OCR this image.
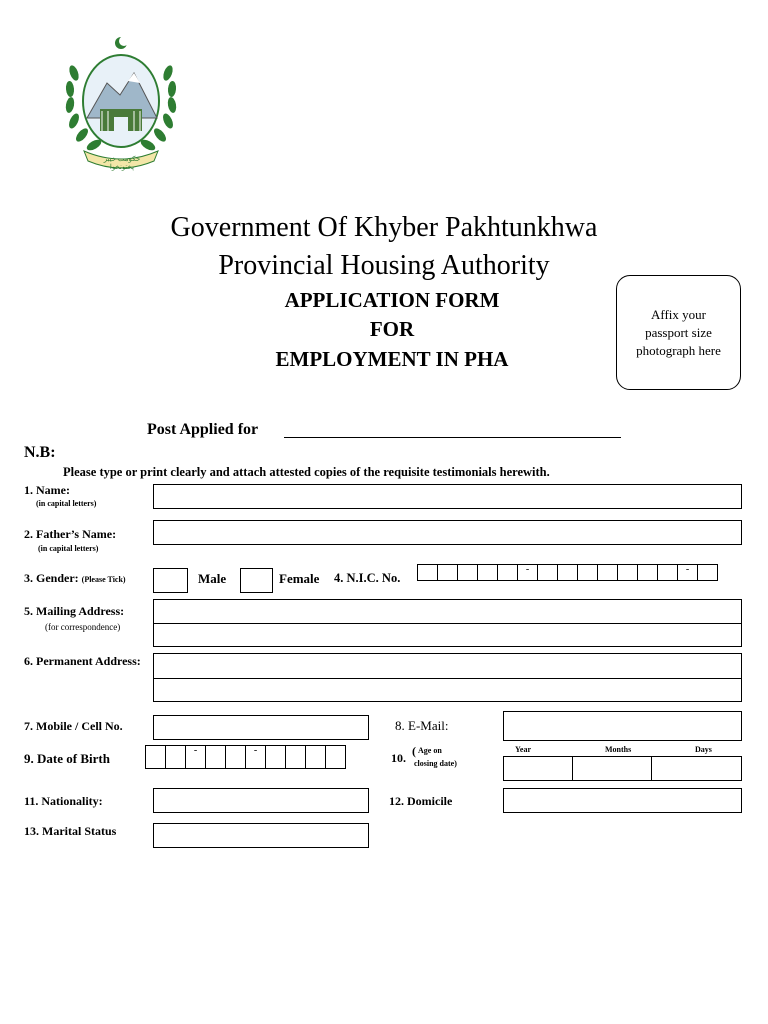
حکومت خیبر پختونخوا
Government Of Khyber Pakhtunkhwa
Provincial Housing Authority
APPLICATION FORM
FOR
EMPLOYMENT IN PHA
Affix your passport size photograph here
Post Applied for
N.B:
Please type or print clearly and attach attested copies of the requisite testimonials herewith.
1. Name:
(in capital letters)
2. Father’s Name:
(in capital letters)
3. Gender: (Please Tick)	Male	Female 4. N.I.C. No.
-	-
5. Mailing Address:
(for correspondence)
6. Permanent Address:
7. Mobile / Cell No.	8. E-Mail:
9. Date of Birth
-	-
10. ( Age on
closing date)
Year	Months	Days
11. Nationality:	12. Domicile
13. Marital Status
